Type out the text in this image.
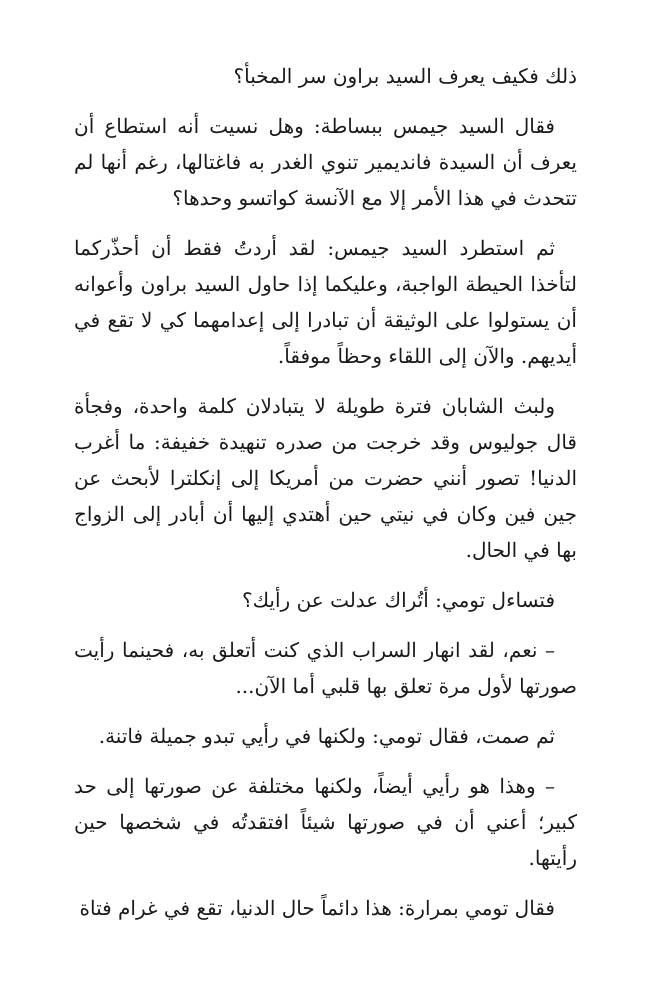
ذلك فكيف يعرف السيد براون سر المخبأ؟

فقال السيد جيمس ببساطة: وهل نسيت أنه استطاع أن يعرف أن السيدة فانديمير تنوي الغدر به فاغتالها، رغم أنها لم تتحدث في هذا الأمر إلا مع الآنسة كواتسو وحدها؟

ثم استطرد السيد جيمس: لقد أردتُ فقط أن أحذّركما لتأخذا الحيطة الواجبة، وعليكما إذا حاول السيد براون وأعوانه أن يستولوا على الوثيقة أن تبادرا إلى إعدامهما كي لا تقع في أيديهم. والآن إلى اللقاء وحظاً موفقاً.

ولبث الشابان فترة طويلة لا يتبادلان كلمة واحدة، وفجأة قال جوليوس وقد خرجت من صدره تنهيدة خفيفة: ما أغرب الدنيا! تصور أنني حضرت من أمريكا إلى إنكلترا لأبحث عن جين فين وكان في نيتي حين أهتدي إليها أن أبادر إلى الزواج بها في الحال.

فتساءل تومي: أتُراك عدلت عن رأيك؟

– نعم، لقد انهار السراب الذي كنت أتعلق به، فحينما رأيت صورتها لأول مرة تعلق بها قلبي أما الآن...

ثم صمت، فقال تومي: ولكنها في رأيي تبدو جميلة فاتنة.

– وهذا هو رأيي أيضاً، ولكنها مختلفة عن صورتها إلى حد كبير؛ أعني أن في صورتها شيئاً افتقدتُه في شخصها حين رأيتها.

فقال تومي بمرارة: هذا دائماً حال الدنيا، تقع في غرام فتاة
